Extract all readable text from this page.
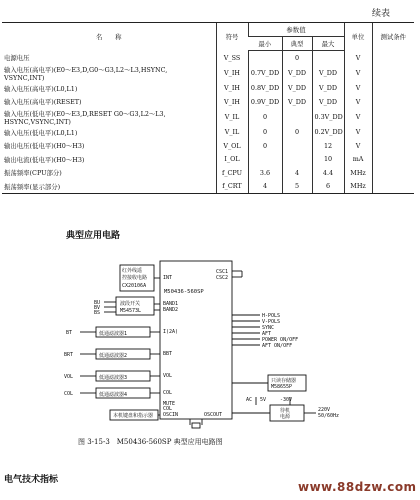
续表
名　　称	符号	参数值			单位	测试条件
		最小	典型	最大		
电源电压	V_SS		0		V	
输入电压(高电平)(E0～E3,D,G0～G3,L2～L3,HSYNC,
VSYNC,INT)	V_IH	0.7V_DD	V_DD	V_DD	V	
输入电压(高电平)(L0,L1)	V_IH	0.8V_DD	V_DD	V_DD	V	
输入电压(高电平)(RESET)	V_IH	0.9V_DD	V_DD	V_DD	V	
输入电压(低电平)(E0～E3,D,RESET G0～G3,L2～L3,
HSYNC,VSYNC,INT)	V_IL	0		0.3V_DD	V	
输入电压(低电平)(L0,L1)	V_IL	0	0	0.2V_DD	V	
输出电压(低电平)(H0～H3)	V_OL	0		12	V	
输出电流(低电平)(H0～H3)	I_OL			10	mA	
振荡频率(CPU部分)	f_CPU	3.6	4	4.4	MHz	
振荡频率(显示部分)	f_CRT	4	5	6	MHz	
典型应用电路
红外线遥
控接收电路
CX20106A
波段开关
M54573L
BU
BV
BS
低通滤波器1
低通滤波器2
低通滤波器3
低通滤波器4
BT
BRT
VOL
COL
本机键盘和指示器
INT
BAND1
BAND2
I(2A)
BBT
VOL
COL
MUTE
COL
OSCIN	OSCOUT
CSC1
CSC2
M50436-560SP
H-POLS
V-POLS
SYNC
AFT
POWER ON/OFF
AFT ON/OFF
只读存储器
M58655P
AC 5V	-30V
待机
电源
220V
50/60Hz
图 3-15-3　M50436-560SP 典型应用电路图
电气技术指标	www.88dzw.com
